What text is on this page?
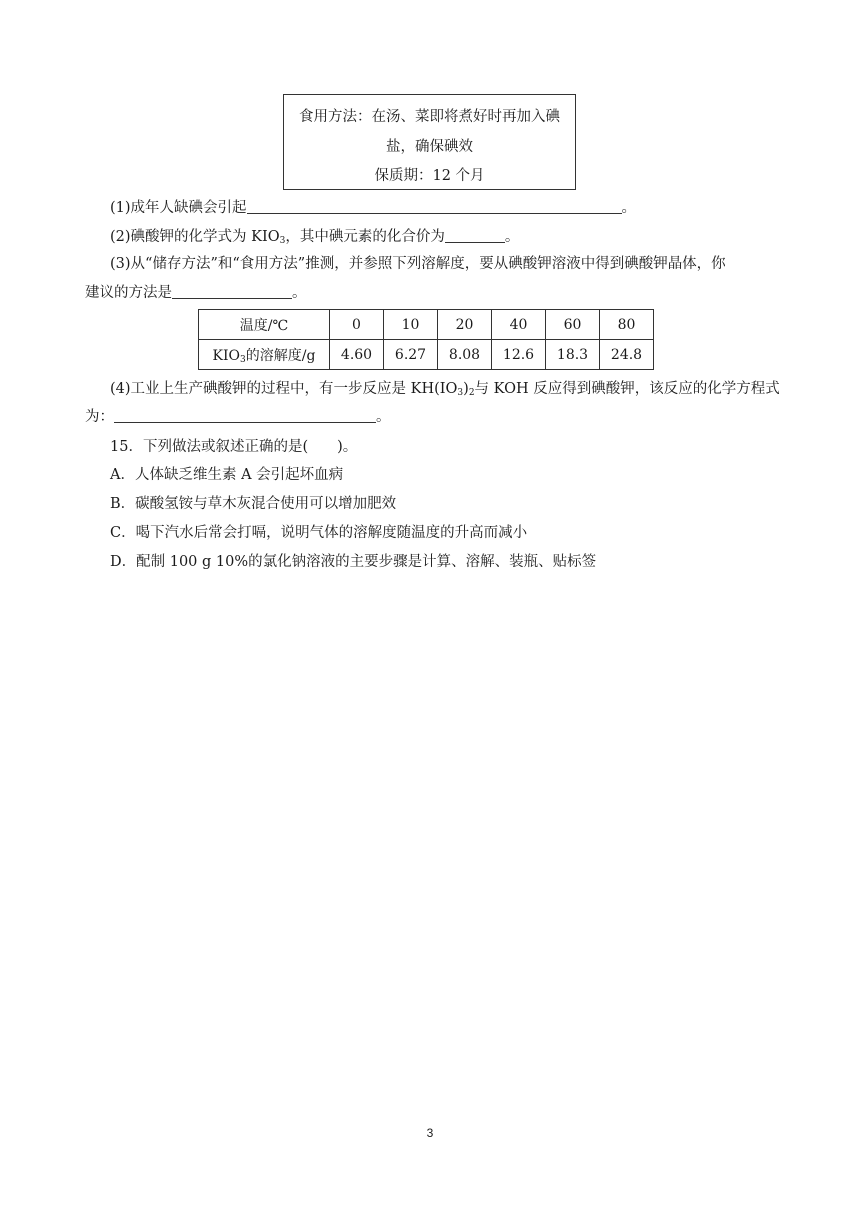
食用方法：在汤、菜即将煮好时再加入碘
盐，确保碘效
保质期：12 个月
(1)成年人缺碘会引起	。
(2)碘酸钾的化学式为 $KIO_3$，其中碘元素的化合价为	。
(3)从“储存方法”和“食用方法”推测，并参照下列溶解度，要从碘酸钾溶液中得到碘酸钾晶体，你
建议的方法是	。
温度/℃	0	10	20	40	60	80
$KIO_3$的溶解度/g	4.60	6.27	8.08	12.6	18.3	24.8
(4)工业上生产碘酸钾的过程中，有一步反应是 $KH(IO_3)_2$与 KOH 反应得到碘酸钾，该反应的化学方程式
为：	。
15．下列做法或叙述正确的是(　　)。
A．人体缺乏维生素 A 会引起坏血病
B．碳酸氢铵与草木灰混合使用可以增加肥效
C．喝下汽水后常会打嗝，说明气体的溶解度随温度的升高而减小
D．配制 100 g 10%的氯化钠溶液的主要步骤是计算、溶解、装瓶、贴标签
3
